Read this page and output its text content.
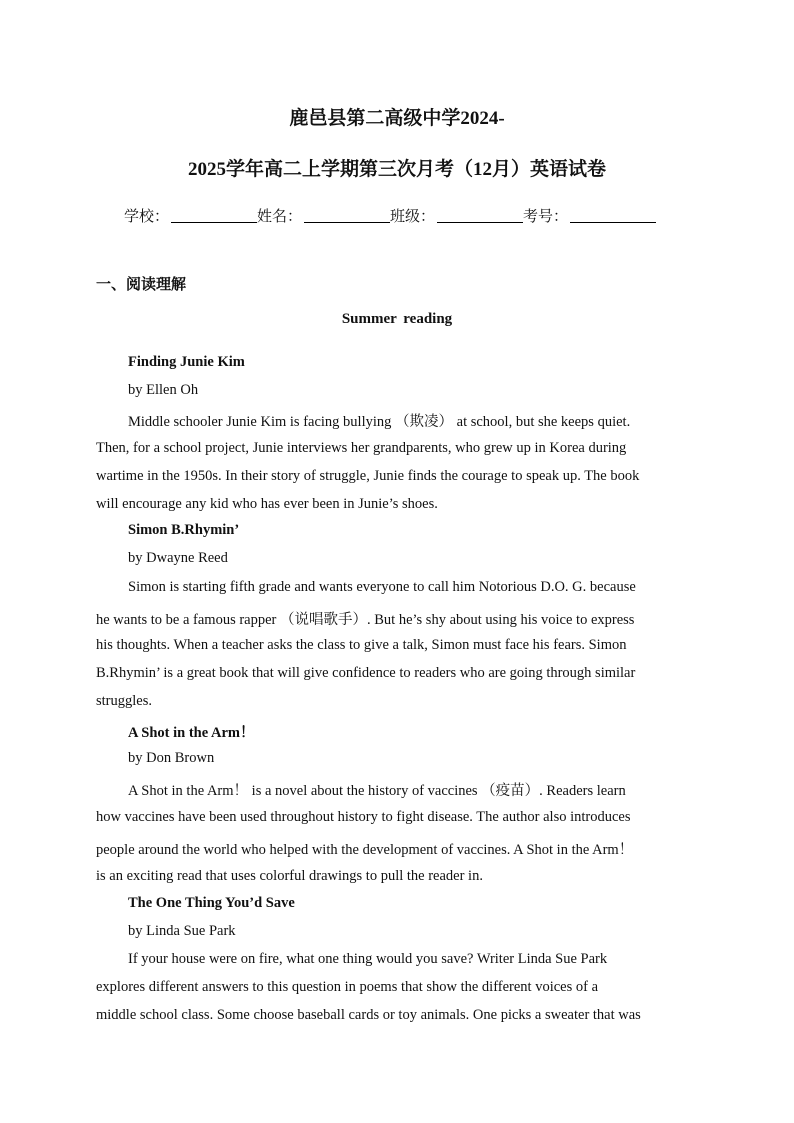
鹿邑县第二高级中学2024-
2025学年高二上学期第三次月考（12月）英语试卷
学校：	姓名：	班级：	考号：
一、阅读理解
Summer reading
Finding Junie Kim
by Ellen Oh
Middle schooler Junie Kim is facing bullying （欺凌） at school, but she keeps quiet.
Then, for a school project, Junie interviews her grandparents, who grew up in Korea during
wartime in the 1950s. In their story of struggle, Junie finds the courage to speak up. The book
will encourage any kid who has ever been in Junie’s shoes.
Simon B.Rhymin’
by Dwayne Reed
Simon is starting fifth grade and wants everyone to call him Notorious D.O. G. because
he wants to be a famous rapper （说唱歌手）. But he’s shy about using his voice to express
his thoughts. When a teacher asks the class to give a talk, Simon must face his fears. Simon
B.Rhymin’ is a great book that will give confidence to readers who are going through similar
struggles.
A Shot in the Arm！
by Don Brown
A Shot in the Arm！ is a novel about the history of vaccines （疫苗）. Readers learn
how vaccines have been used throughout history to fight disease. The author also introduces
people around the world who helped with the development of vaccines. A Shot in the Arm！
is an exciting read that uses colorful drawings to pull the reader in.
The One Thing You’d Save
by Linda Sue Park
If your house were on fire, what one thing would you save? Writer Linda Sue Park
explores different answers to this question in poems that show the different voices of a
middle school class. Some choose baseball cards or toy animals. One picks a sweater that was
